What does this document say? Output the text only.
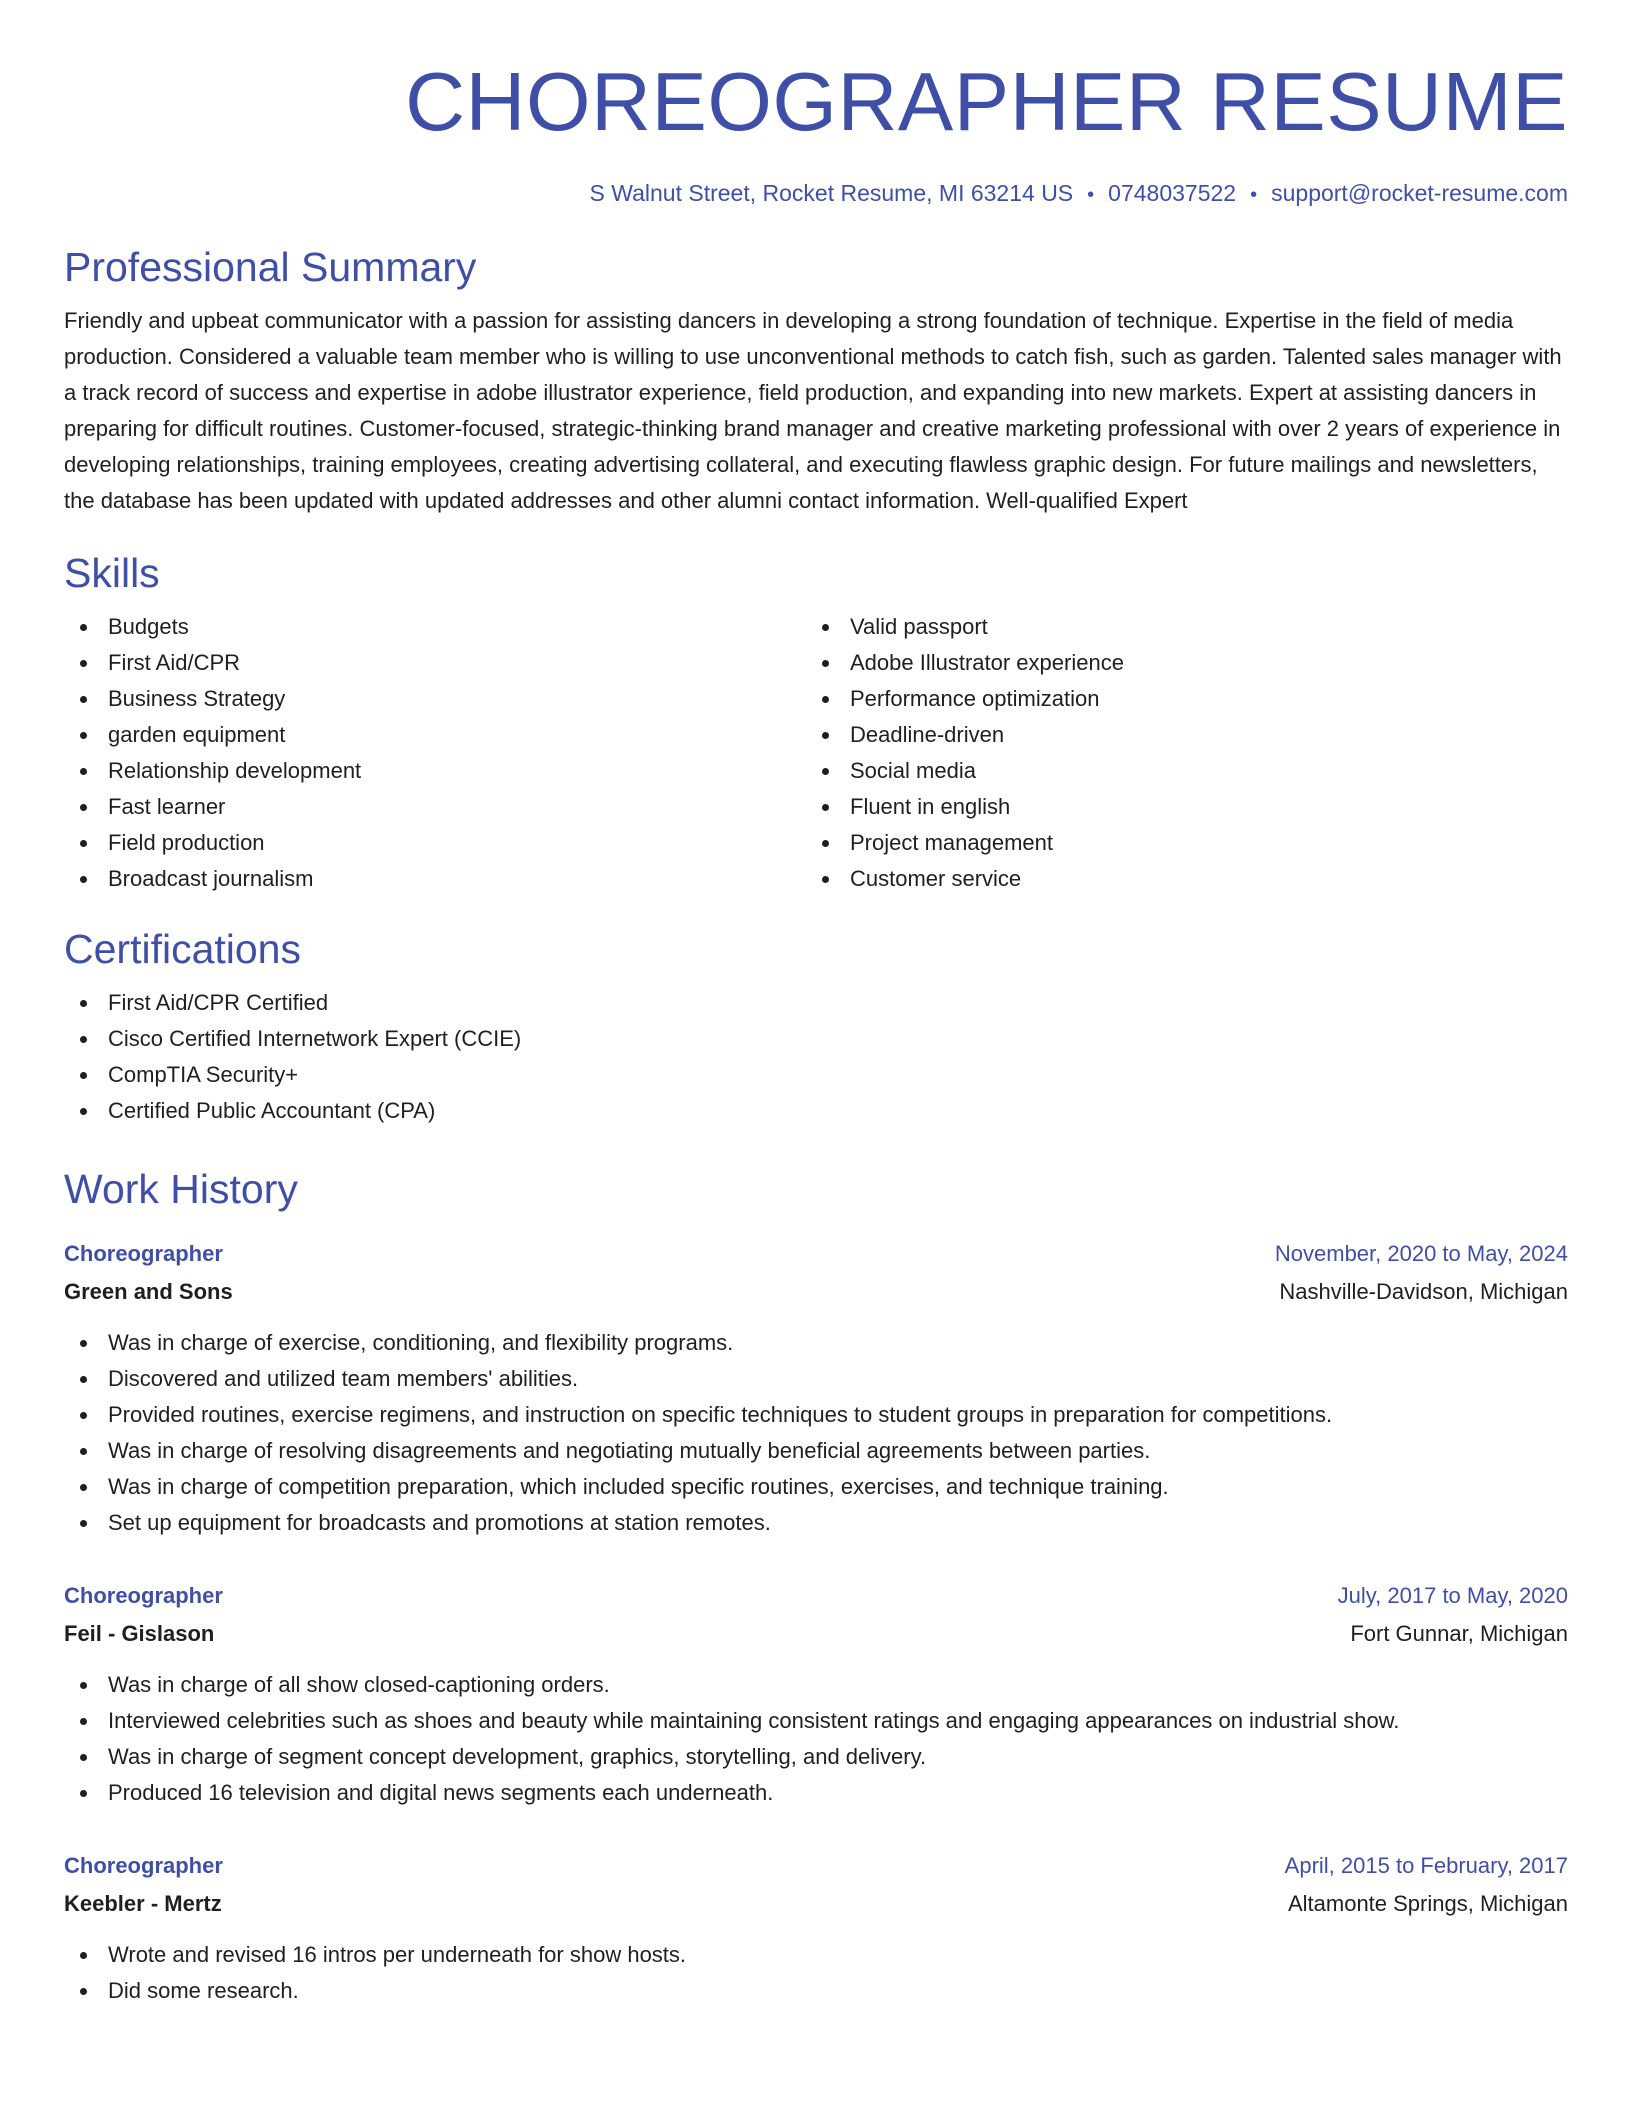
CHOREOGRAPHER RESUME
S Walnut Street, Rocket Resume, MI 63214 US • 0748037522 • support@rocket-resume.com
Professional Summary

Friendly and upbeat communicator with a passion for assisting dancers in developing a strong foundation of technique. Expertise in the field of media production. Considered a valuable team member who is willing to use unconventional methods to catch fish, such as garden. Talented sales manager with a track record of success and expertise in adobe illustrator experience, field production, and expanding into new markets. Expert at assisting dancers in preparing for difficult routines. Customer-focused, strategic-thinking brand manager and creative marketing professional with over 2 years of experience in developing relationships, training employees, creating advertising collateral, and executing flawless graphic design. For future mailings and newsletters, the database has been updated with updated addresses and other alumni contact information. Well-qualified Expert

Skills
Budgets
First Aid/CPR
Business Strategy
garden equipment
Relationship development
Fast learner
Field production
Broadcast journalism
Valid passport
Adobe Illustrator experience
Performance optimization
Deadline-driven
Social media
Fluent in english
Project management
Customer service
Certifications
First Aid/CPR Certified
Cisco Certified Internetwork Expert (CCIE)
CompTIA Security+
Certified Public Accountant (CPA)
Work History
Choreographer	November, 2020 to May, 2024
Green and Sons	Nashville-Davidson, Michigan
Was in charge of exercise, conditioning, and flexibility programs.
Discovered and utilized team members' abilities.
Provided routines, exercise regimens, and instruction on specific techniques to student groups in preparation for competitions.
Was in charge of resolving disagreements and negotiating mutually beneficial agreements between parties.
Was in charge of competition preparation, which included specific routines, exercises, and technique training.
Set up equipment for broadcasts and promotions at station remotes.
Choreographer	July, 2017 to May, 2020
Feil - Gislason	Fort Gunnar, Michigan
Was in charge of all show closed-captioning orders.
Interviewed celebrities such as shoes and beauty while maintaining consistent ratings and engaging appearances on industrial show.
Was in charge of segment concept development, graphics, storytelling, and delivery.
Produced 16 television and digital news segments each underneath.
Choreographer	April, 2015 to February, 2017
Keebler - Mertz	Altamonte Springs, Michigan
Wrote and revised 16 intros per underneath for show hosts.
Did some research.
